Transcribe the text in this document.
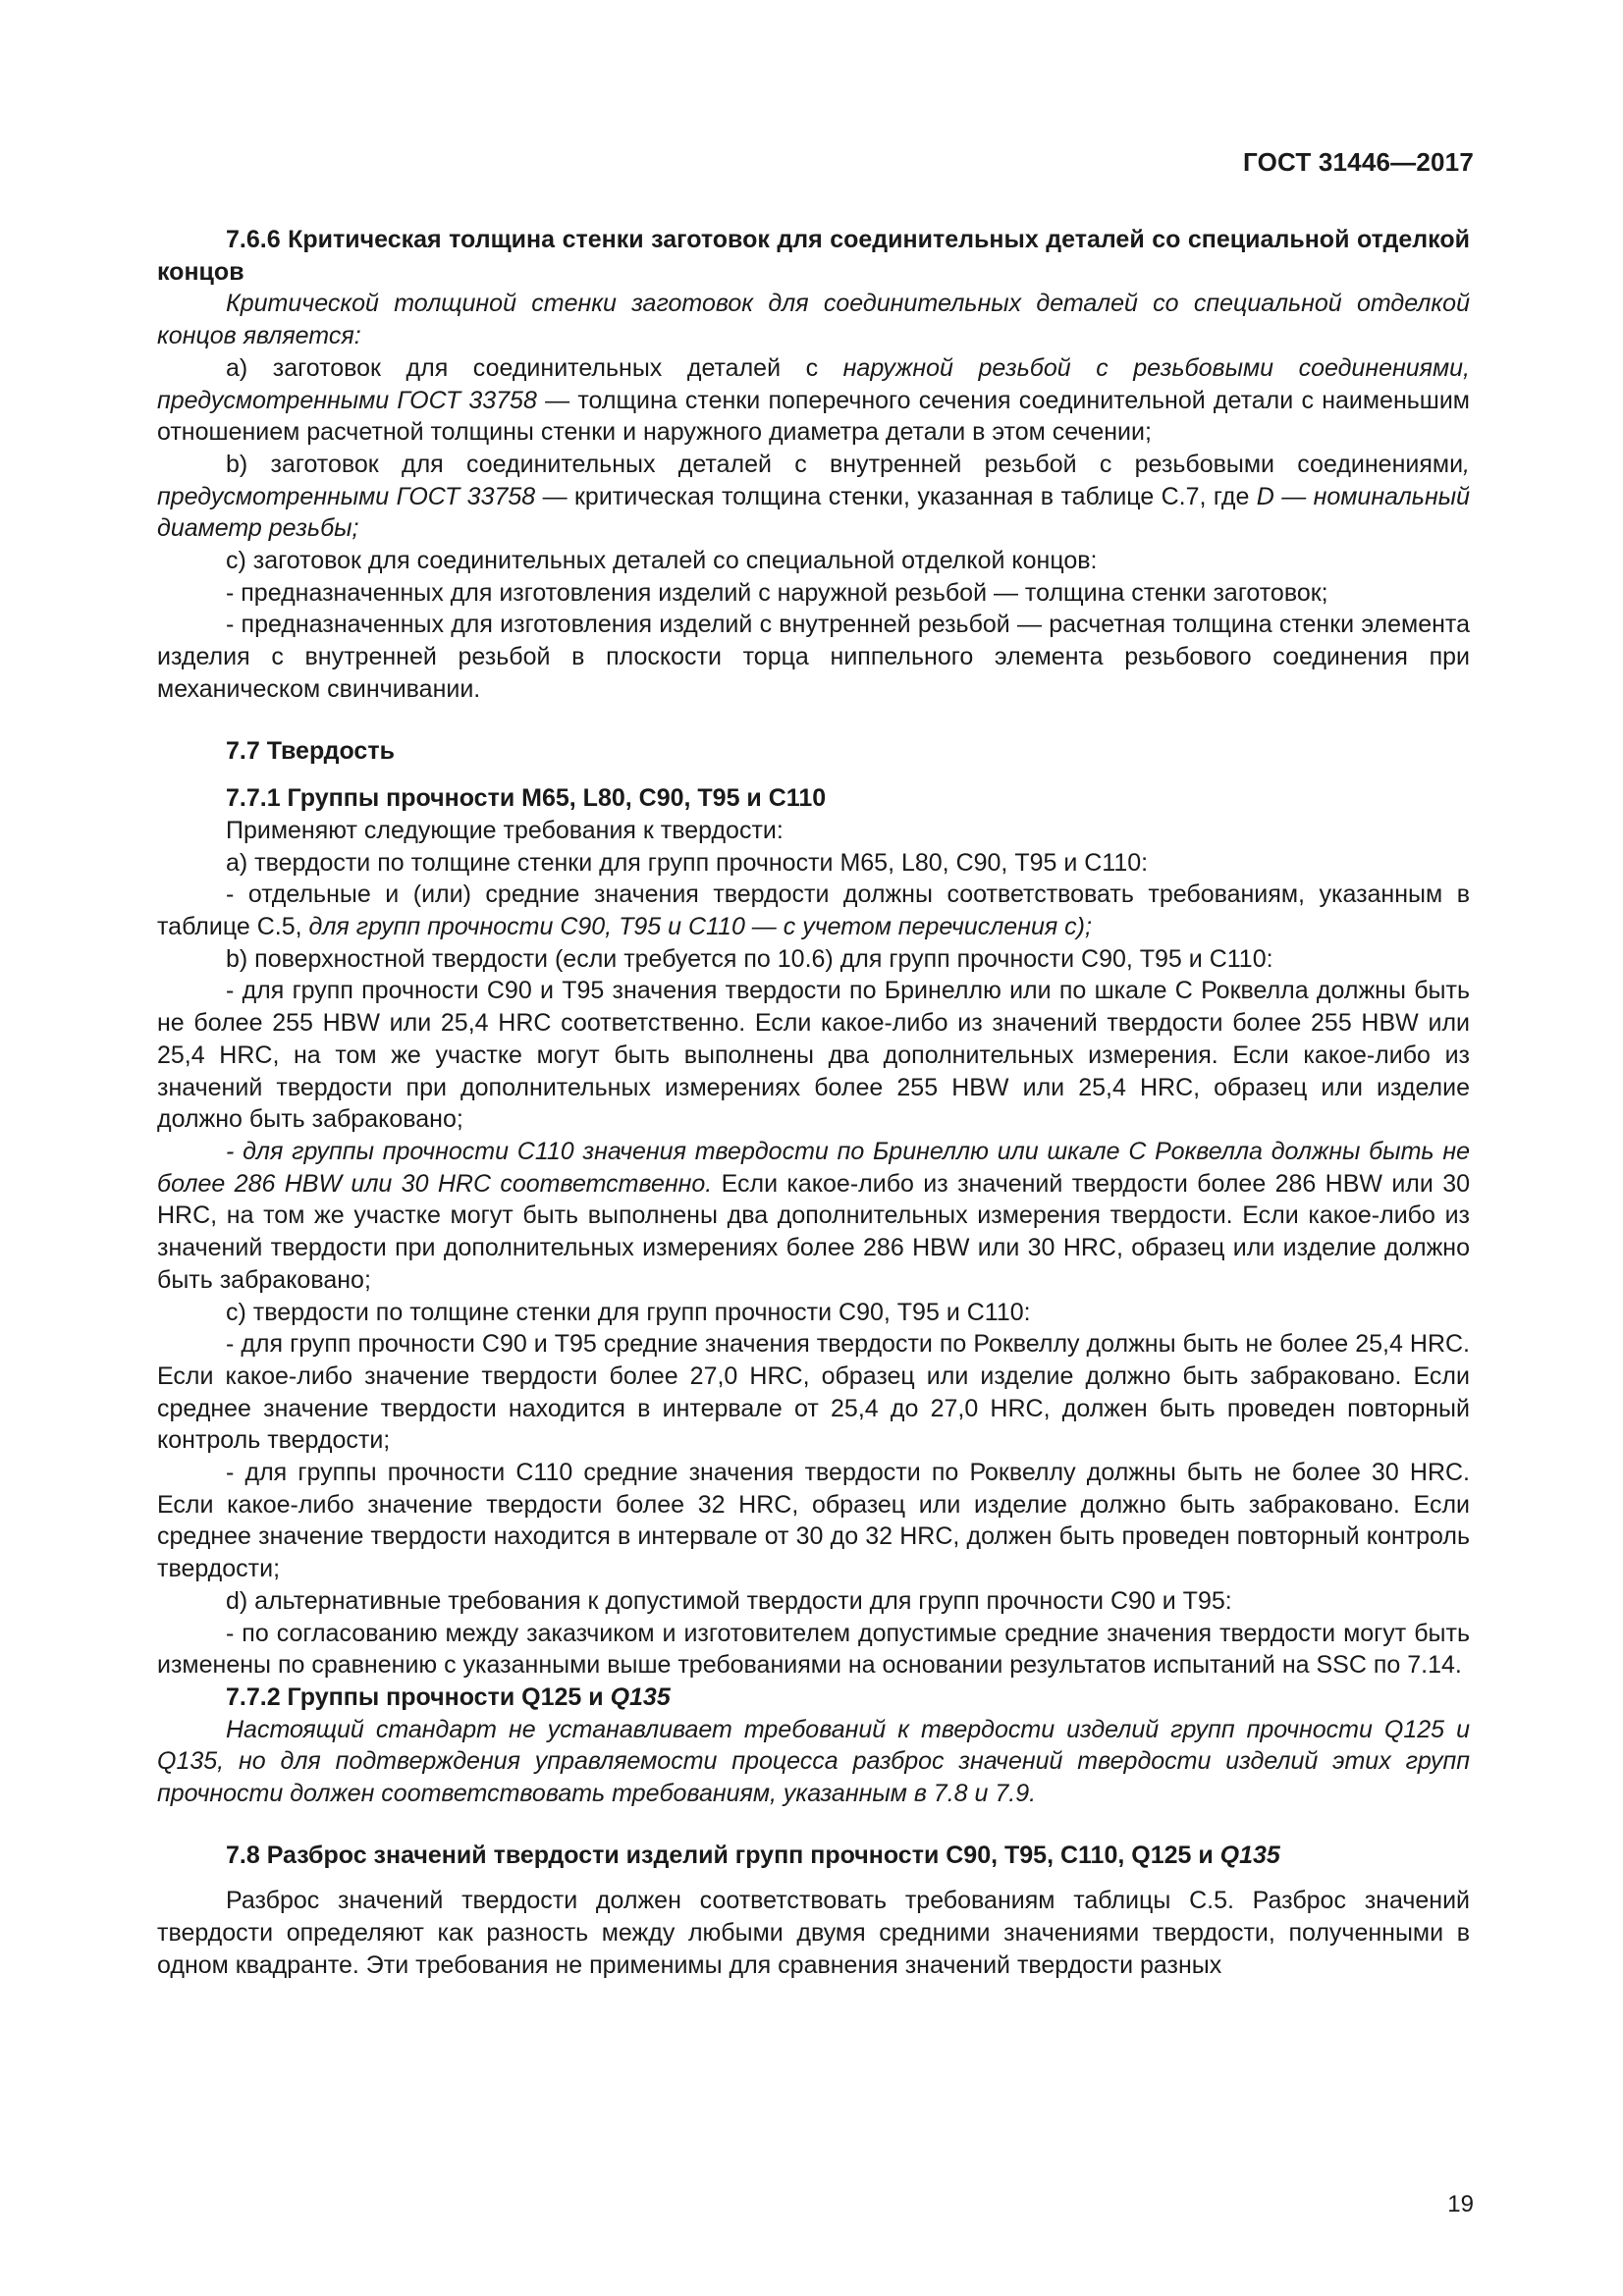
ГОСТ 31446—2017

7.6.6 Критическая толщина стенки заготовок для соединительных деталей со специальной отделкой концов

Критической толщиной стенки заготовок для соединительных деталей со специальной отделкой концов является:

а) заготовок для соединительных деталей с наружной резьбой с резьбовыми соединениями, предусмотренными ГОСТ 33758 — толщина стенки поперечного сечения соединительной детали с наименьшим отношением расчетной толщины стенки и наружного диаметра детали в этом сечении;

b) заготовок для соединительных деталей с внутренней резьбой с резьбовыми соединениями, предусмотренными ГОСТ 33758 — критическая толщина стенки, указанная в таблице С.7, где D — номинальный диаметр резьбы;

с) заготовок для соединительных деталей со специальной отделкой концов:

- предназначенных для изготовления изделий с наружной резьбой — толщина стенки заготовок;

- предназначенных для изготовления изделий с внутренней резьбой — расчетная толщина стенки элемента изделия с внутренней резьбой в плоскости торца ниппельного элемента резьбового соединения при механическом свинчивании.

7.7 Твердость

7.7.1 Группы прочности М65, L80, С90, Т95 и С110

Применяют следующие требования к твердости:

а) твердости по толщине стенки для групп прочности М65, L80, С90, Т95 и С110:

- отдельные и (или) средние значения твердости должны соответствовать требованиям, указанным в таблице С.5, для групп прочности С90, Т95 и С110 — с учетом перечисления с);

b) поверхностной твердости (если требуется по 10.6) для групп прочности С90, Т95 и С110:

- для групп прочности С90 и Т95 значения твердости по Бринеллю или по шкале С Роквелла должны быть не более 255 HBW или 25,4 HRC соответственно. Если какое-либо из значений твердости более 255 HBW или 25,4 HRC, на том же участке могут быть выполнены два дополнительных измерения. Если какое-либо из значений твердости при дополнительных измерениях более 255 HBW или 25,4 HRC, образец или изделие должно быть забраковано;

- для группы прочности С110 значения твердости по Бринеллю или шкале С Роквелла должны быть не более 286 HBW или 30 HRC соответственно. Если какое-либо из значений твердости более 286 HBW или 30 HRC, на том же участке могут быть выполнены два дополнительных измерения твердости. Если какое-либо из значений твердости при дополнительных измерениях более 286 HBW или 30 HRC, образец или изделие должно быть забраковано;

с) твердости по толщине стенки для групп прочности С90, Т95 и С110:

- для групп прочности С90 и Т95 средние значения твердости по Роквеллу должны быть не более 25,4 HRC. Если какое-либо значение твердости более 27,0 HRC, образец или изделие должно быть забраковано. Если среднее значение твердости находится в интервале от 25,4 до 27,0 HRC, должен быть проведен повторный контроль твердости;

- для группы прочности С110 средние значения твердости по Роквеллу должны быть не более 30 HRC. Если какое-либо значение твердости более 32 HRC, образец или изделие должно быть забраковано. Если среднее значение твердости находится в интервале от 30 до 32 HRC, должен быть проведен повторный контроль твердости;

d) альтернативные требования к допустимой твердости для групп прочности С90 и Т95:

- по согласованию между заказчиком и изготовителем допустимые средние значения твердости могут быть изменены по сравнению с указанными выше требованиями на основании результатов испытаний на SSC по 7.14.

7.7.2 Группы прочности Q125 и Q135

Настоящий стандарт не устанавливает требований к твердости изделий групп прочности Q125 и Q135, но для подтверждения управляемости процесса разброс значений твердости изделий этих групп прочности должен соответствовать требованиям, указанным в 7.8 и 7.9.

7.8 Разброс значений твердости изделий групп прочности С90, Т95, С110, Q125 и Q135

Разброс значений твердости должен соответствовать требованиям таблицы С.5. Разброс значений твердости определяют как разность между любыми двумя средними значениями твердости, полученными в одном квадранте. Эти требования не применимы для сравнения значений твердости разных

19
